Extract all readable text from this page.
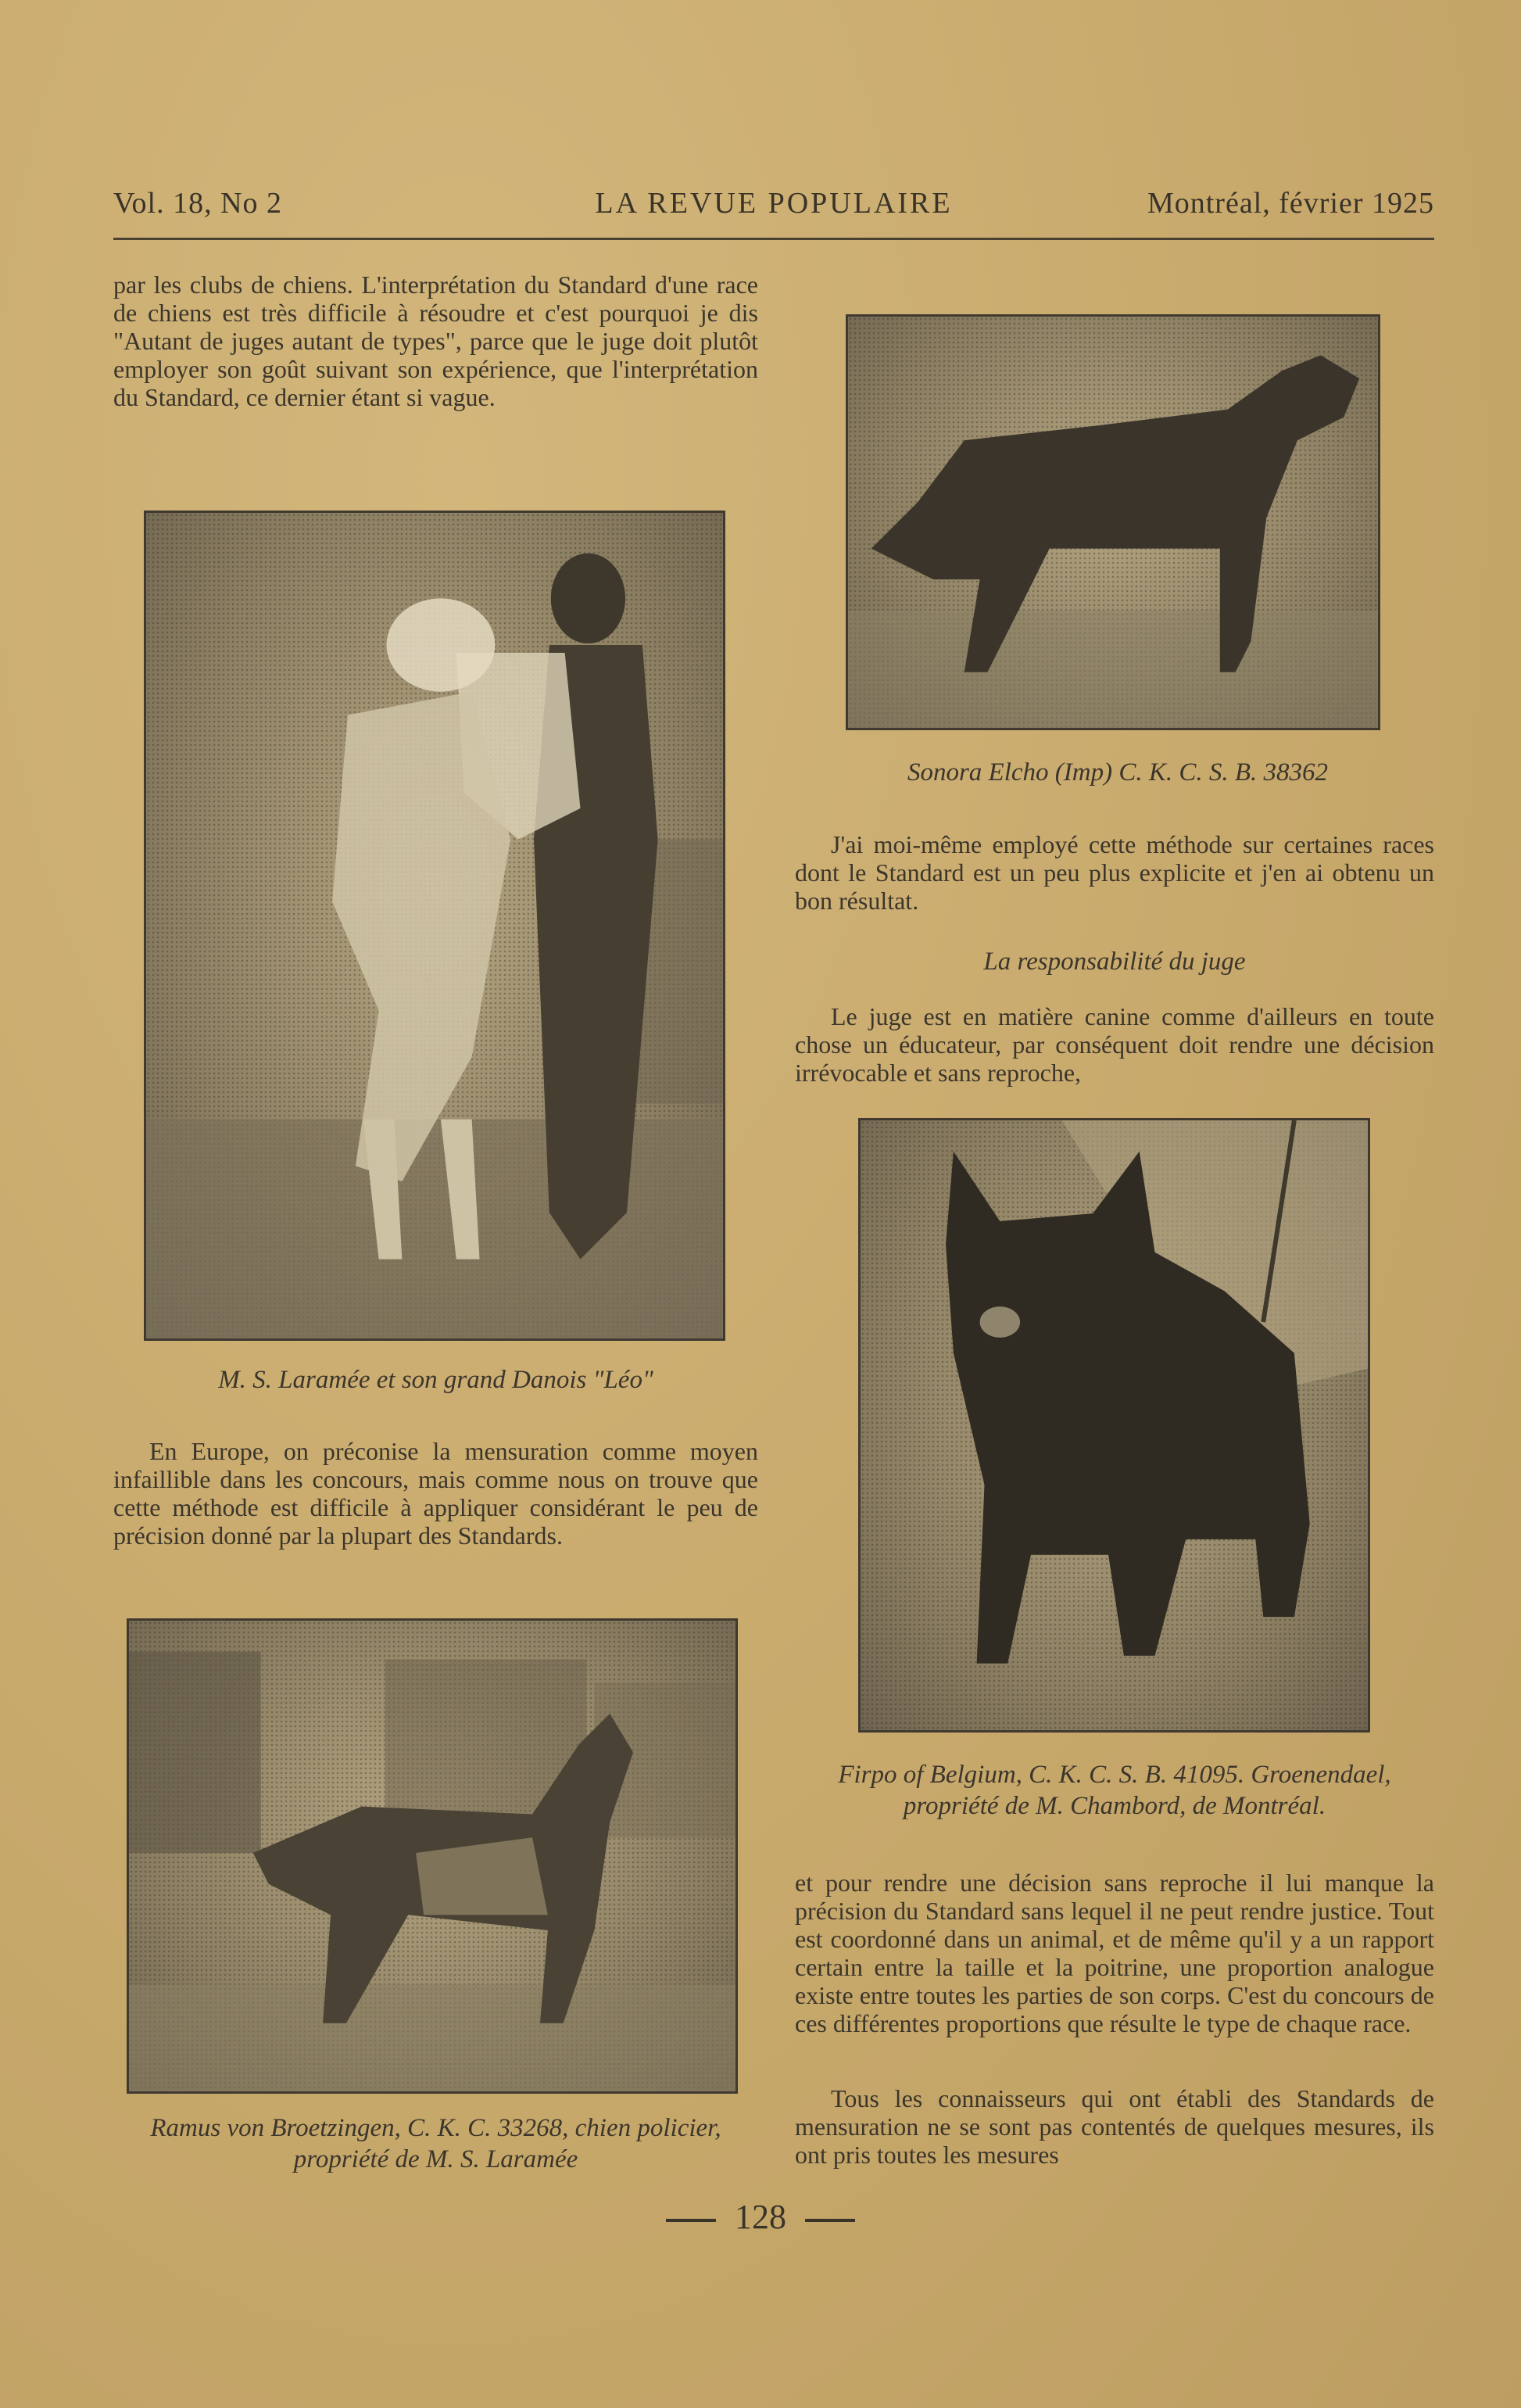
Vol. 18, No 2	LA REVUE POPULAIRE	Montréal, février 1925
par les clubs de chiens. L'interprétation du Standard d'une race de chiens est très difficile à résoudre et c'est pourquoi je dis "Autant de juges autant de types", parce que le juge doit plutôt employer son goût suivant son expérience, que l'interprétation du Standard, ce dernier étant si vague.
M. S. Laramée et son grand Danois "Léo"
En Europe, on préconise la mensuration comme moyen infaillible dans les concours, mais comme nous on trouve que cette méthode est difficile à appliquer considérant le peu de précision donné par la plupart des Standards.
Ramus von Broetzingen, C. K. C. 33268, chien policier, propriété de M. S. Laramée
Sonora Elcho (Imp) C. K. C. S. B. 38362
J'ai moi-même employé cette méthode sur certaines races dont le Standard est un peu plus explicite et j'en ai obtenu un bon résultat.
La responsabilité du juge
Le juge est en matière canine comme d'ailleurs en toute chose un éducateur, par conséquent doit rendre une décision irrévocable et sans reproche,
Firpo of Belgium, C. K. C. S. B. 41095. Groenendael, propriété de M. Chambord, de Montréal.
et pour rendre une décision sans reproche il lui manque la précision du Standard sans lequel il ne peut rendre justice. Tout est coordonné dans un animal, et de même qu'il y a un rapport certain entre la taille et la poitrine, une proportion analogue existe entre toutes les parties de son corps. C'est du concours de ces différentes proportions que résulte le type de chaque race.
Tous les connaisseurs qui ont établi des Standards de mensuration ne se sont pas contentés de quelques mesures, ils ont pris toutes les mesures
128
